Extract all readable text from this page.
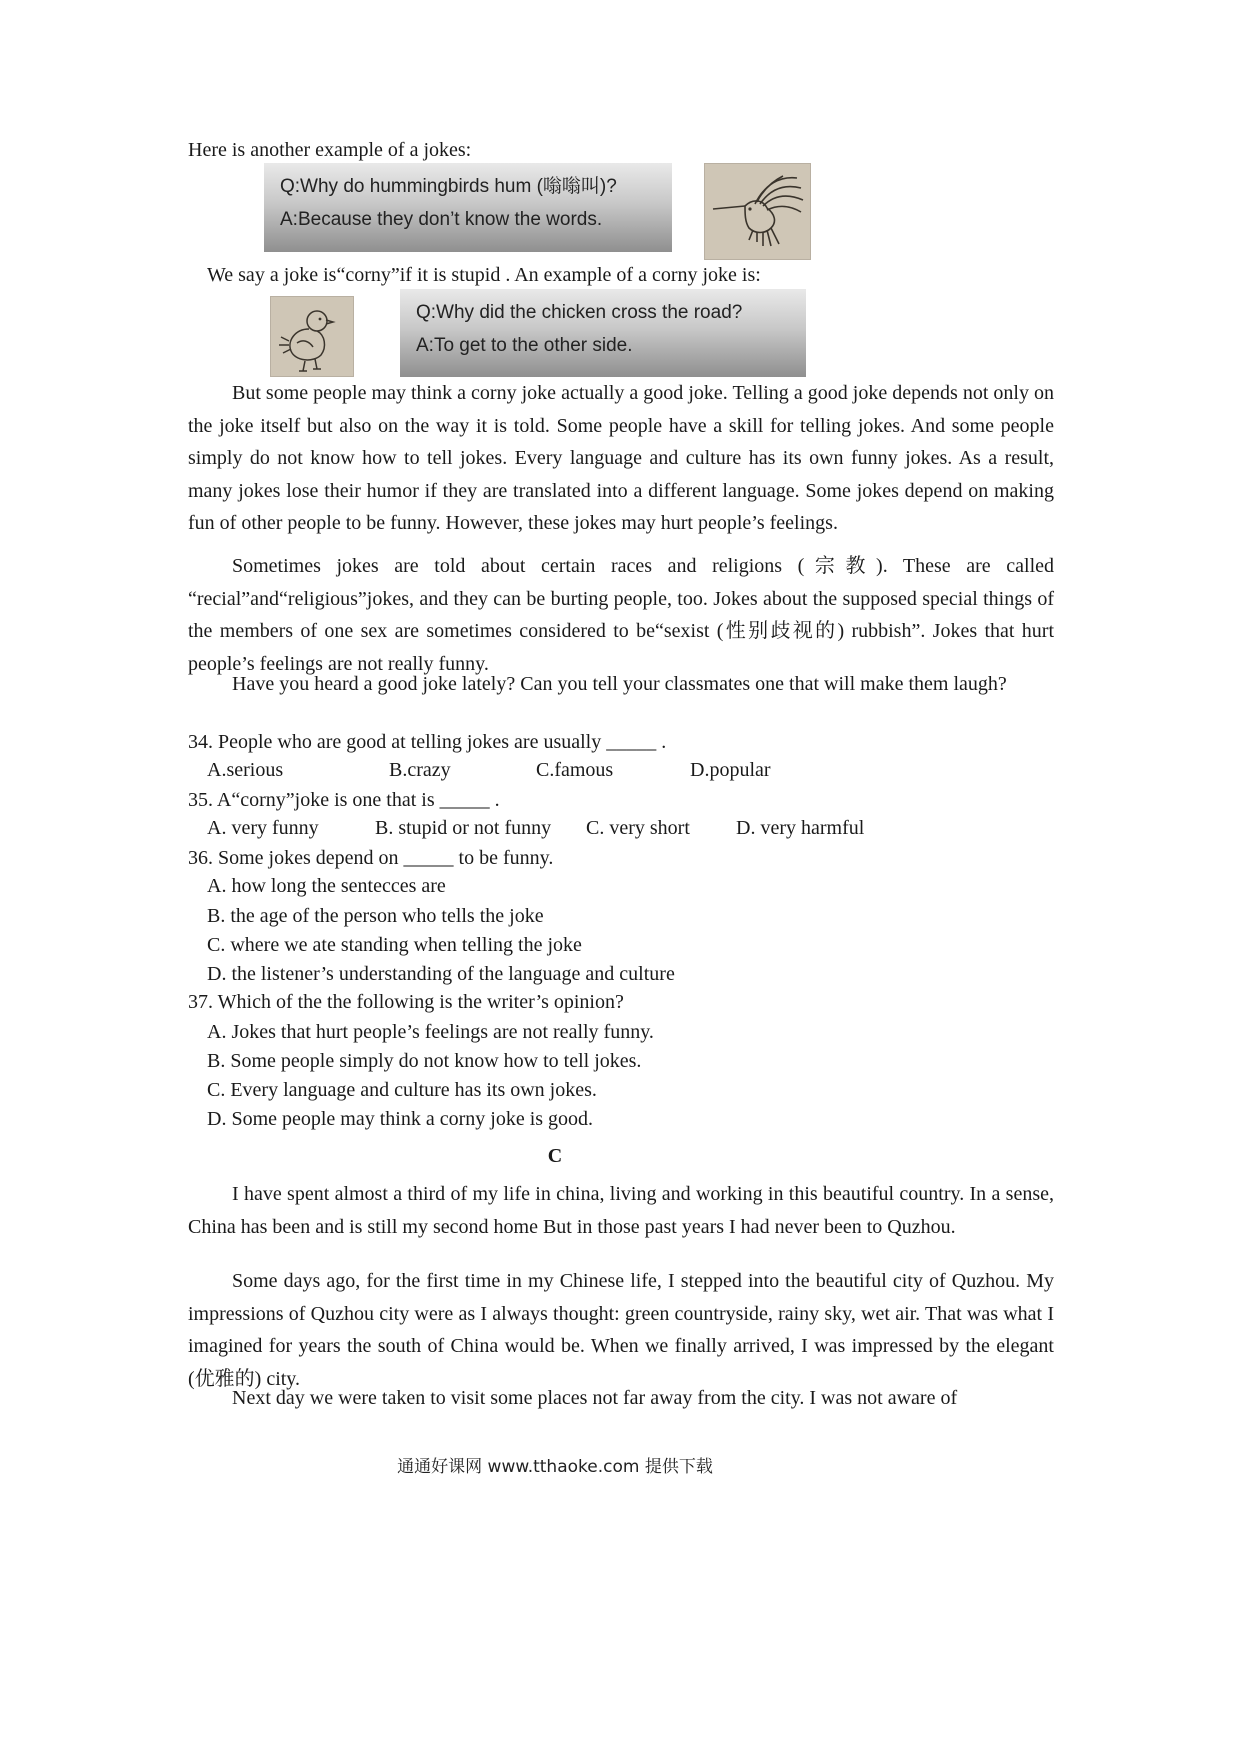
Here is another example of a jokes:
Q:Why do hummingbirds hum (嗡嗡叫)?
A:Because they don’t know the words.
We say a joke is“corny”if it is stupid . An example of a corny joke is:
Q:Why did the chicken cross the road?
A:To get to the other side.
But some people may think a corny joke actually a good joke. Telling a good joke depends not only on the joke itself but also on the way it is told. Some people have a skill for telling jokes. And some people simply do not know how to tell jokes. Every language and culture has its own funny jokes. As a result, many jokes lose their humor if they are translated into a different language. Some jokes depend on making fun of other people to be funny. However, these jokes may hurt people’s feelings.
Sometimes jokes are told about certain races and religions (宗教). These are called “recial”and“religious”jokes, and they can be burting people, too. Jokes about the supposed special things of the members of one sex are sometimes considered to be“sexist (性别歧视的) rubbish”. Jokes that hurt people’s feelings are not really funny.
Have you heard a good joke lately? Can you tell your classmates one that will make them laugh?
34. People who are good at telling jokes are usually _____ .
A.serious	B.crazy	C.famous	D.popular
35. A“corny”joke is one that is _____ .
A. very funny	B. stupid or not funny C. very short D. very harmful
36. Some jokes depend on _____ to be funny.
A. how long the sentecces are
B. the age of the person who tells the joke
C. where we ate standing when telling the joke
D. the listener’s understanding of the language and culture
37. Which of the the following is the writer’s opinion?
A. Jokes that hurt people’s feelings are not really funny.
B. Some people simply do not know how to tell jokes.
C. Every language and culture has its own jokes.
D. Some people may think a corny joke is good.
C
I have spent almost a third of my life in china, living and working in this beautiful country. In a sense, China has been and is still my second home But in those past years I had never been to Quzhou.
Some days ago, for the first time in my Chinese life, I stepped into the beautiful city of Quzhou. My impressions of Quzhou city were as I always thought: green countryside, rainy sky, wet air. That was what I imagined for years the south of China would be. When we finally arrived, I was impressed by the elegant (优雅的) city.
Next day we were taken to visit some places not far away from the city. I was not aware of
通通好课网 www.tthaoke.com 提供下载
